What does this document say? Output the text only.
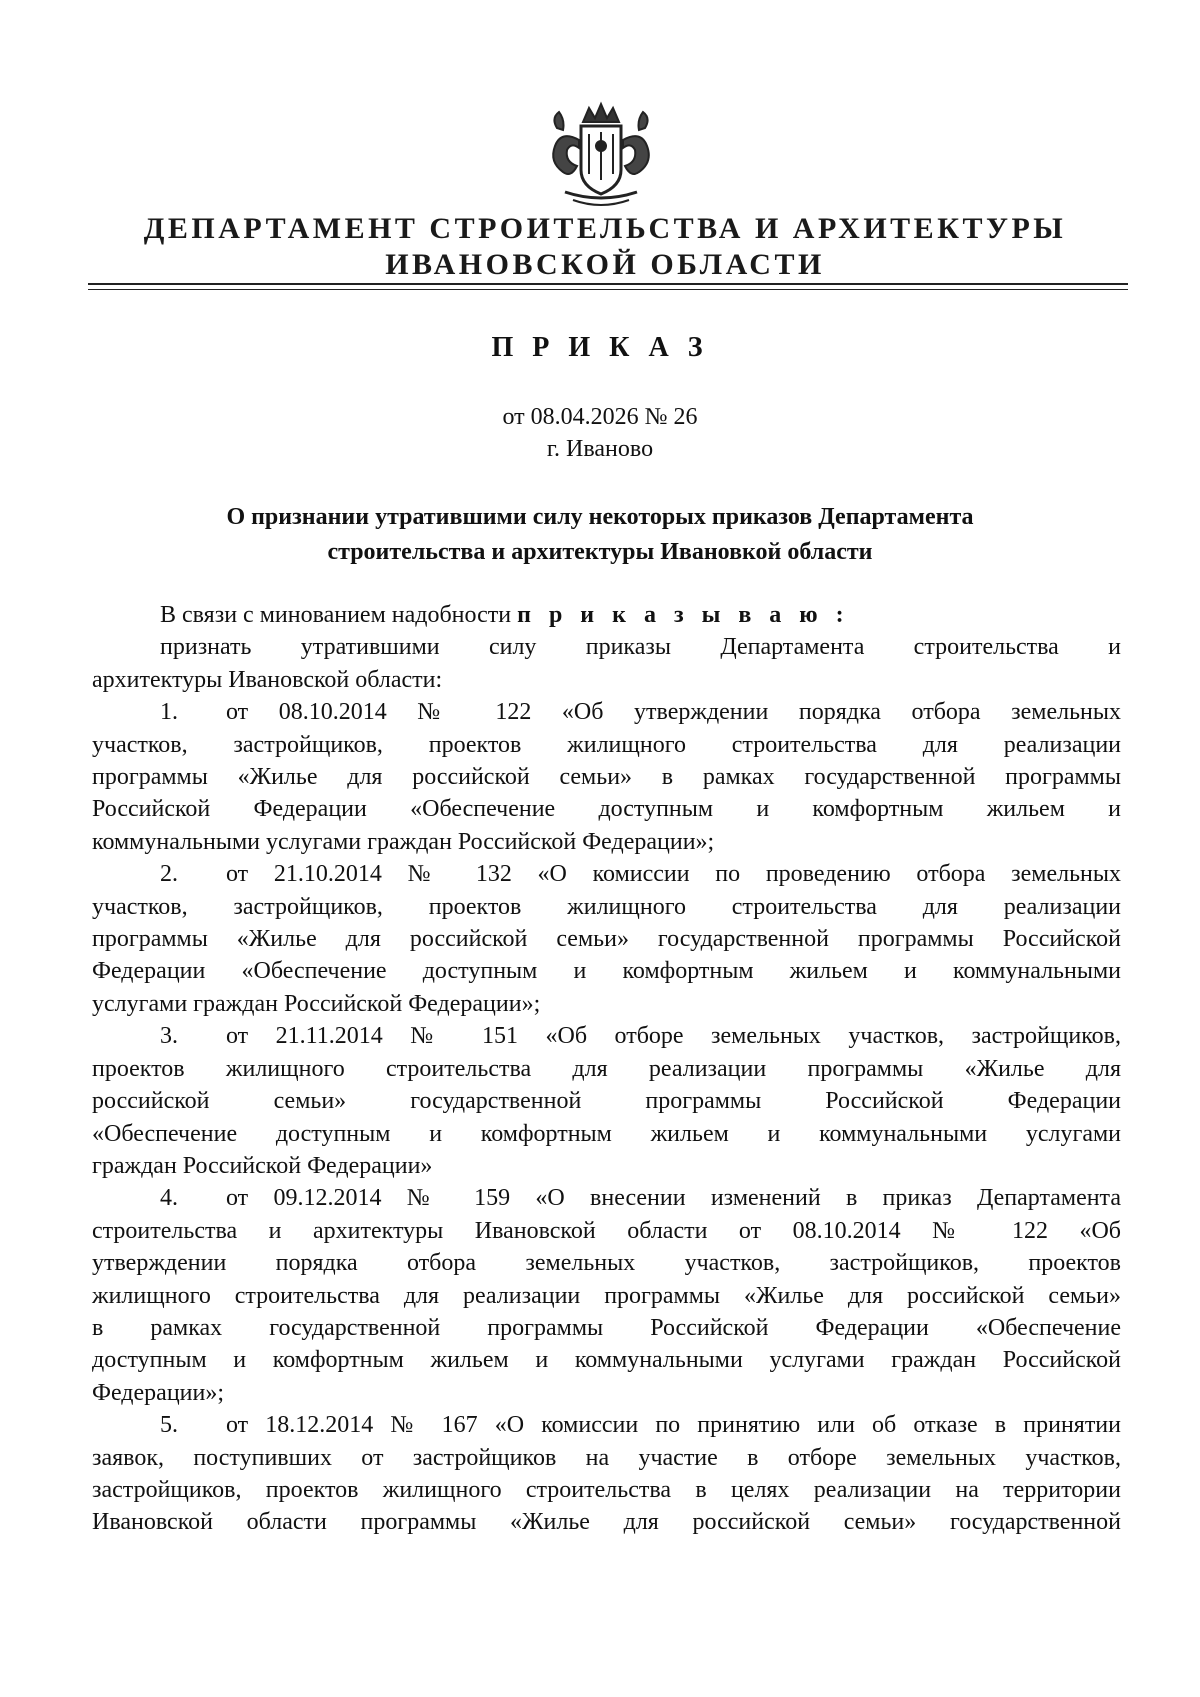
ДЕПАРТАМЕНТ СТРОИТЕЛЬСТВА И АРХИТЕКТУРЫ
ИВАНОВСКОЙ ОБЛАСТИ
П Р И К А З
от 08.04.2026 № 26
г. Иваново
О признании утратившими силу некоторых приказов Департамента
строительства и архитектуры Ивановкой области

В связи с минованием надобности п р и к а з ы в а ю :

признать утратившими силу приказы Департамента строительства и

архитектуры Ивановской области:

1. от 08.10.2014 № 122 «Об утверждении порядка отбора земельных

участков, застройщиков, проектов жилищного строительства для реализации

программы «Жилье для российской семьи» в рамках государственной программы

Российской Федерации «Обеспечение доступным и комфортным жильем и

коммунальными услугами граждан Российской Федерации»;

2. от 21.10.2014 № 132 «О комиссии по проведению отбора земельных

участков, застройщиков, проектов жилищного строительства для реализации

программы «Жилье для российской семьи» государственной программы Российской

Федерации «Обеспечение доступным и комфортным жильем и коммунальными

услугами граждан Российской Федерации»;

3. от 21.11.2014 № 151 «Об отборе земельных участков, застройщиков,

проектов жилищного строительства для реализации программы «Жилье для

российской семьи» государственной программы Российской Федерации

«Обеспечение доступным и комфортным жильем и коммунальными услугами

граждан Российской Федерации»

4. от 09.12.2014 № 159 «О внесении изменений в приказ Департамента

строительства и архитектуры Ивановской области от 08.10.2014 № 122 «Об

утверждении порядка отбора земельных участков, застройщиков, проектов

жилищного строительства для реализации программы «Жилье для российской семьи»

в рамках государственной программы Российской Федерации «Обеспечение

доступным и комфортным жильем и коммунальными услугами граждан Российской

Федерации»;

5. от 18.12.2014 № 167 «О комиссии по принятию или об отказе в принятии

заявок, поступивших от застройщиков на участие в отборе земельных участков,

застройщиков, проектов жилищного строительства в целях реализации на территории

Ивановской области программы «Жилье для российской семьи» государственной
